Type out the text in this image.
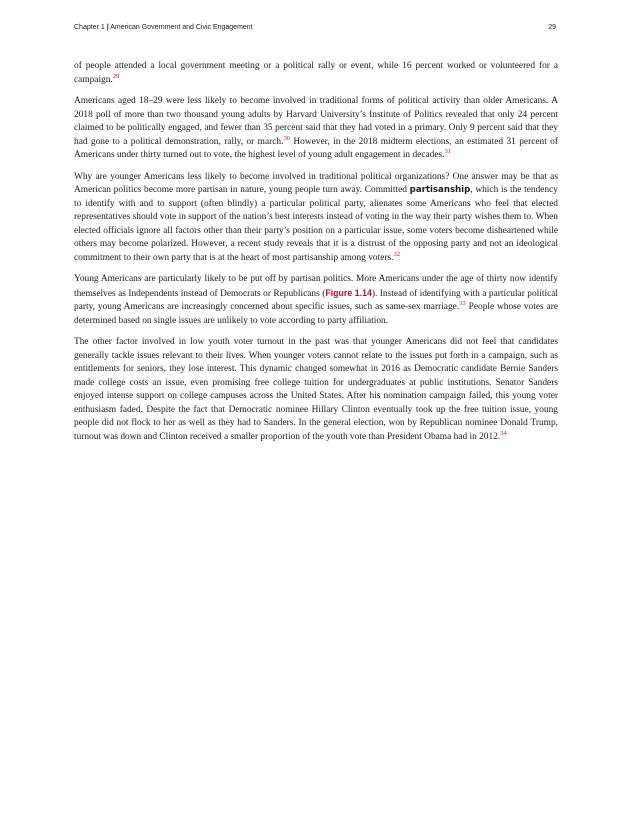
Chapter 1 | American Government and Civic Engagement	29

of people attended a local government meeting or a political rally or event, while 16 percent worked or volunteered for a campaign.$^{29}$

Americans aged 18–29 were less likely to become involved in traditional forms of political activity than older Americans. A 2018 poll of more than two thousand young adults by Harvard University’s Institute of Politics revealed that only 24 percent claimed to be politically engaged, and fewer than 35 percent said that they had voted in a primary. Only 9 percent said that they had gone to a political demonstration, rally, or march.$^{30}$ However, in the 2018 midterm elections, an estimated 31 percent of Americans under thirty turned out to vote, the highest level of young adult engagement in decades.$^{31}$

Why are younger Americans less likely to become involved in traditional political organizations? One answer may be that as American politics become more partisan in nature, young people turn away. Committed partisanship, which is the tendency to identify with and to support (often blindly) a particular political party, alienates some Americans who feel that elected representatives should vote in support of the nation’s best interests instead of voting in the way their party wishes them to. When elected officials ignore all factors other than their party’s position on a particular issue, some voters become disheartened while others may become polarized. However, a recent study reveals that it is a distrust of the opposing party and not an ideological commitment to their own party that is at the heart of most partisanship among voters.$^{32}$

Young Americans are particularly likely to be put off by partisan politics. More Americans under the age of thirty now identify themselves as Independents instead of Democrats or Republicans (Figure 1.14). Instead of identifying with a particular political party, young Americans are increasingly concerned about specific issues, such as same-sex marriage.$^{33}$ People whose votes are determined based on single issues are unlikely to vote according to party affiliation.

The other factor involved in low youth voter turnout in the past was that younger Americans did not feel that candidates generally tackle issues relevant to their lives. When younger voters cannot relate to the issues put forth in a campaign, such as entitlements for seniors, they lose interest. This dynamic changed somewhat in 2016 as Democratic candidate Bernie Sanders made college costs an issue, even promising free college tuition for undergraduates at public institutions. Senator Sanders enjoyed intense support on college campuses across the United States. After his nomination campaign failed, this young voter enthusiasm faded. Despite the fact that Democratic nominee Hillary Clinton eventually took up the free tuition issue, young people did not flock to her as well as they had to Sanders. In the general election, won by Republican nominee Donald Trump, turnout was down and Clinton received a smaller proportion of the youth vote than President Obama had in 2012.34
